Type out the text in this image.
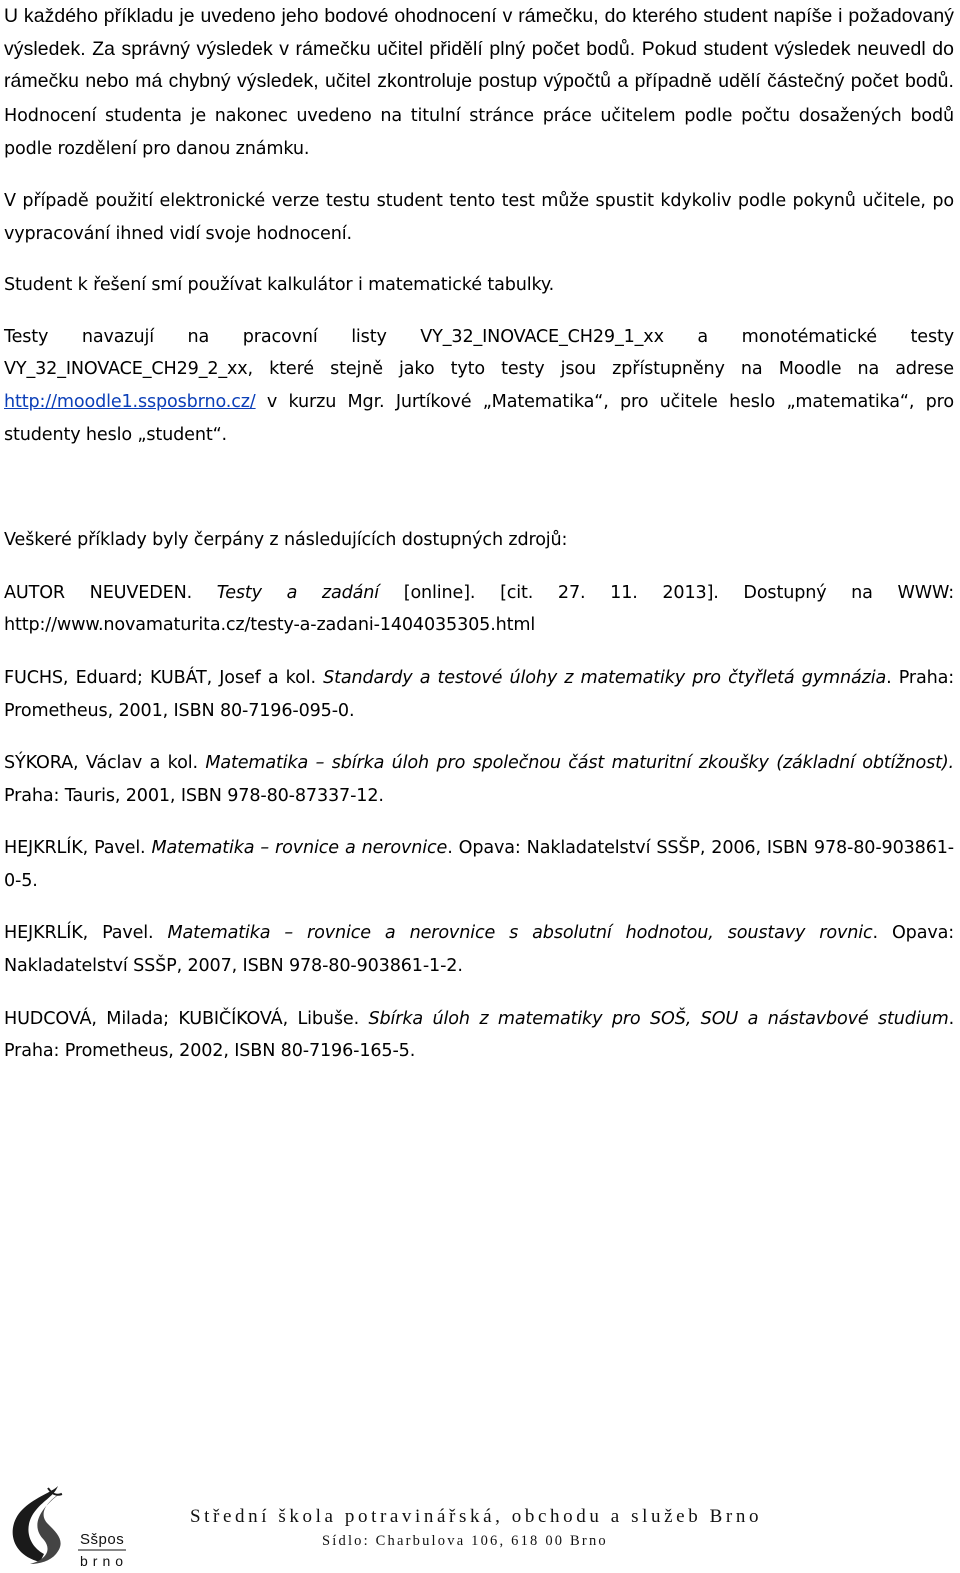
U každého příkladu je uvedeno jeho bodové ohodnocení v rámečku, do kterého student napíše i požadovaný výsledek. Za správný výsledek v rámečku učitel přidělí plný počet bodů. Pokud student výsledek neuvedl do rámečku nebo má chybný výsledek, učitel zkontroluje postup výpočtů a případně udělí částečný počet bodů. Hodnocení studenta je nakonec uvedeno na titulní stránce práce učitelem podle počtu dosažených bodů podle rozdělení pro danou známku.

V případě použití elektronické verze testu student tento test může spustit kdykoliv podle pokynů učitele, po vypracování ihned vidí svoje hodnocení.

Student k řešení smí používat kalkulátor i matematické tabulky.

Testy navazují na pracovní listy VY_32_INOVACE_CH29_1_xx a monotématické testy VY_32_INOVACE_CH29_2_xx, které stejně jako tyto testy jsou zpřístupněny na Moodle na adrese http://moodle1.ssposbrno.cz/ v kurzu Mgr. Jurtíkové „Matematika“, pro učitele heslo „matematika“, pro studenty heslo „student“.

Veškeré příklady byly čerpány z následujících dostupných zdrojů:

AUTOR NEUVEDEN. Testy a zadání [online]. [cit. 27. 11. 2013]. Dostupný na WWW: http://www.novamaturita.cz/testy-a-zadani-1404035305.html

FUCHS, Eduard; KUBÁT, Josef a kol. Standardy a testové úlohy z matematiky pro čtyřletá gymnázia. Praha: Prometheus, 2001, ISBN 80-7196-095-0.

SÝKORA, Václav a kol. Matematika – sbírka úloh pro společnou část maturitní zkoušky (základní obtížnost). Praha: Tauris, 2001, ISBN 978-80-87337-12.

HEJKRLÍK, Pavel. Matematika – rovnice a nerovnice. Opava: Nakladatelství SSŠP, 2006, ISBN 978-80-903861-0-5.

HEJKRLÍK, Pavel. Matematika – rovnice a nerovnice s absolutní hodnotou, soustavy rovnic. Opava: Nakladatelství SSŠP, 2007, ISBN 978-80-903861-1-2.

HUDCOVÁ, Milada; KUBIČÍKOVÁ, Libuše. Sbírka úloh z matematiky pro SOŠ, SOU a nástavbové studium. Praha: Prometheus, 2002, ISBN 80-7196-165-5.

Sšpos
brno
Střední škola potravinářská, obchodu a služeb Brno
Sídlo: Charbulova 106, 618 00 Brno
